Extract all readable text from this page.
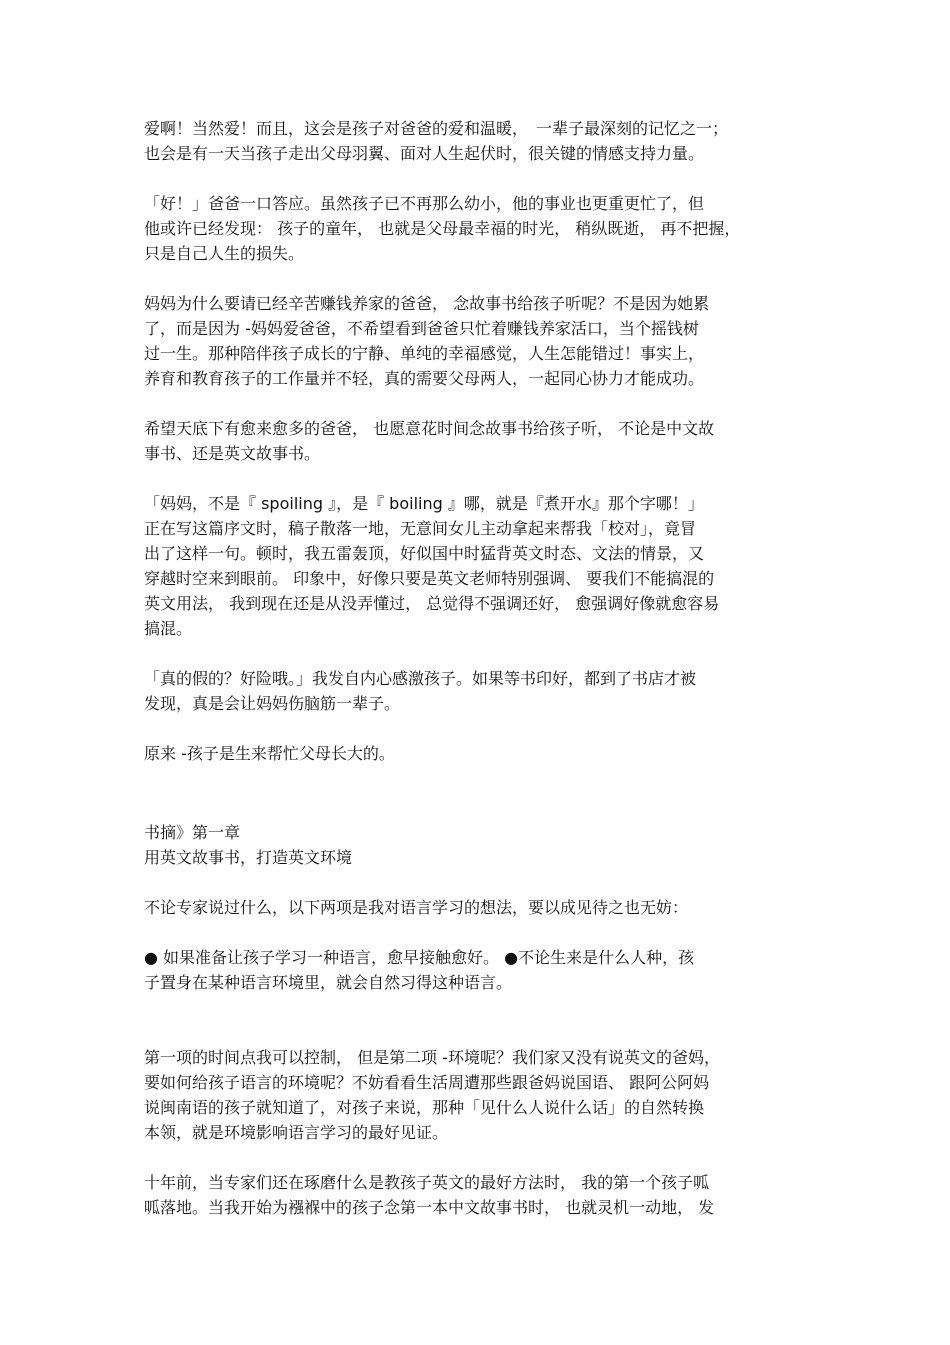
爱啊！当然爱！而且，这会是孩子对爸爸的爱和温暖，　一辈子最深刻的记忆之一；
也会是有一天当孩子走出父母羽翼、面对人生起伏时，很关键的情感支持力量。
「好！」爸爸一口答应。虽然孩子已不再那么幼小，他的事业也更重更忙了，但
他或许已经发现： 孩子的童年， 也就是父母最幸福的时光， 稍纵既逝， 再不把握，
只是自己人生的损失。
妈妈为什么要请已经辛苦赚钱养家的爸爸， 念故事书给孩子听呢？不是因为她累
了，而是因为 -妈妈爱爸爸，不希望看到爸爸只忙着赚钱养家活口，当个摇钱树
过一生。那种陪伴孩子成长的宁静、单纯的幸福感觉，人生怎能错过！事实上，
养育和教育孩子的工作量并不轻，真的需要父母两人，一起同心协力才能成功。
希望天底下有愈来愈多的爸爸， 也愿意花时间念故事书给孩子听， 不论是中文故
事书、还是英文故事书。
「妈妈，不是『 spoiling 』，是『 boiling 』哪，就是『煮开水』那个字哪！」
正在写这篇序文时，稿子散落一地，无意间女儿主动拿起来帮我「校对」，竟冒
出了这样一句。顿时，我五雷轰顶，好似国中时猛背英文时态、文法的情景，又
穿越时空来到眼前。 印象中，好像只要是英文老师特别强调、 要我们不能搞混的
英文用法， 我到现在还是从没弄懂过， 总觉得不强调还好， 愈强调好像就愈容易
搞混。
「真的假的？好险哦。」我发自内心感激孩子。如果等书印好，都到了书店才被
发现，真是会让妈妈伤脑筋一辈子。
原来 -孩子是生来帮忙父母长大的。
书摘》第一章
用英文故事书，打造英文环境
不论专家说过什么，以下两项是我对语言学习的想法，要以成见待之也无妨：
● 如果准备让孩子学习一种语言，愈早接触愈好。 ●不论生来是什么人种，孩
子置身在某种语言环境里，就会自然习得这种语言。
第一项的时间点我可以控制， 但是第二项 -环境呢？我们家又没有说英文的爸妈，
要如何给孩子语言的环境呢？不妨看看生活周遭那些跟爸妈说国语、 跟阿公阿妈
说闽南语的孩子就知道了，对孩子来说，那种「见什么人说什么话」的自然转换
本领，就是环境影响语言学习的最好见证。
十年前，当专家们还在琢磨什么是教孩子英文的最好方法时， 我的第一个孩子呱
呱落地。当我开始为襁褓中的孩子念第一本中文故事书时， 也就灵机一动地， 发
